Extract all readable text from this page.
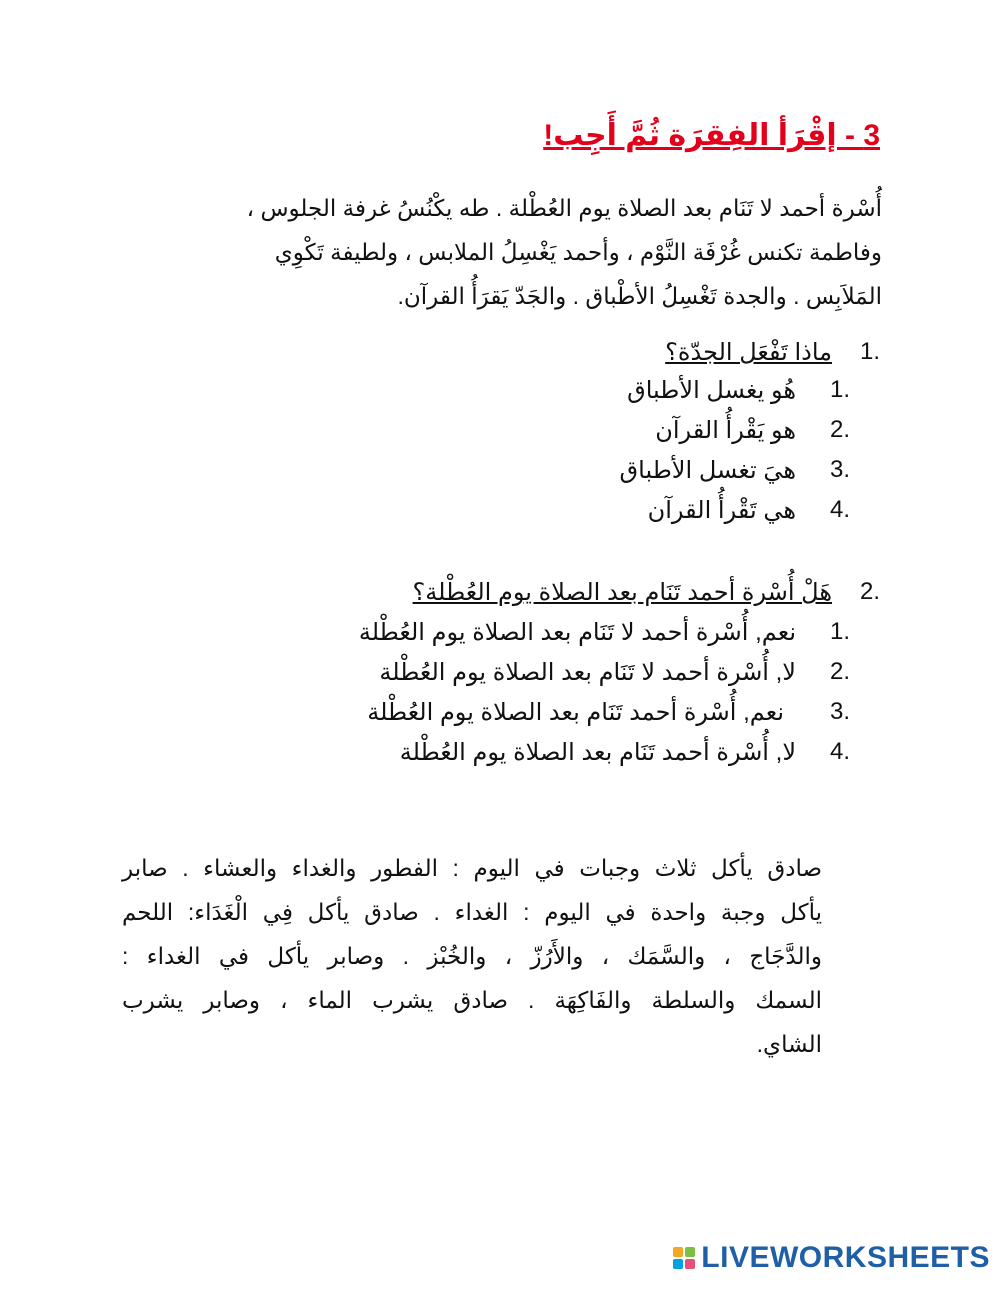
3 - إقْرَأ الفِقرَة ثُمَّ أَجِب!
أُسْرة أحمد لا تَنَام بعد الصلاة يوم العُطْلة . طه يكْنُسُ غرفة الجلوس ،
وفاطمة تكنس غُرْفَة النَّوْم ، وأحمد يَغْسِلُ الملابس ، ولطيفة تَكْوِي
المَلاَبِس . والجدة تَغْسِلُ الأطْباق . والجَدّ يَقرَأُ القرآن.
1.
ماذا تَفْعَل الجدّة؟
1.
هُو يغسل الأطباق
2.
هو يَقْرأُ القرآن
3.
هيَ تغسل الأطباق
4.
هي تَقْرأُ القرآن
2.
هَلْ أُسْرة أحمد تَنَام بعد الصلاة يوم العُطْلة؟
1.
نعم, أُسْرة أحمد لا تَنَام بعد الصلاة يوم العُطْلة
2.
لا, أُسْرة أحمد لا تَنَام بعد الصلاة يوم العُطْلة
3.
نعم, أُسْرة أحمد تَنَام بعد الصلاة يوم العُطْلة
4.
لا, أُسْرة أحمد تَنَام بعد الصلاة يوم العُطْلة
صادق يأكل ثلاث وجبات في اليوم : الفطور والغداء والعشاء . صابر
يأكل وجبة واحدة في اليوم : الغداء . صادق يأكل فِي الْغَدَاء: اللحم
والدَّجَاج ، والسَّمَك ، والأَرُزّ ، والخُبْز . وصابر يأكل في الغداء :
السمك والسلطة والفَاكِهَة . صادق يشرب الماء ، وصابر يشرب
الشاي.
LIVEWORKSHEETS
